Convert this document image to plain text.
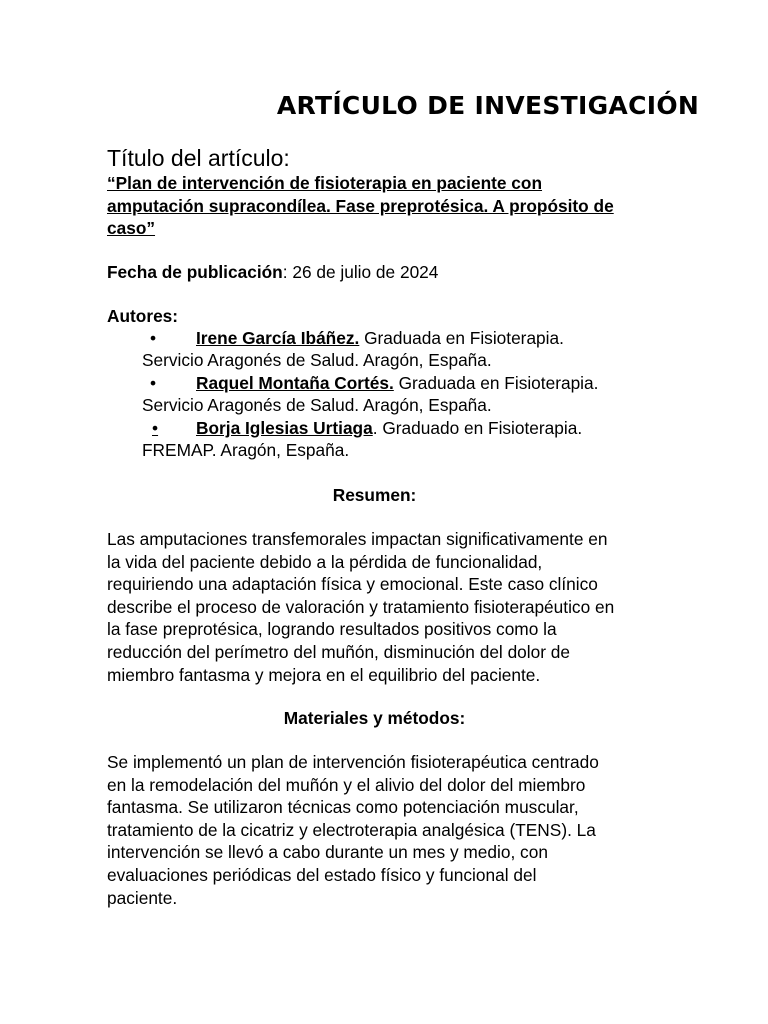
ARTÍCULO DE INVESTIGACIÓN
Título del artículo:
“Plan de intervención de fisioterapia en paciente con
amputación supracondílea. Fase preprotésica. A propósito de
caso”
Fecha de publicación: 26 de julio de 2024
Autores:
• Irene García Ibáñez. Graduada en Fisioterapia.
Servicio Aragonés de Salud. Aragón, España.
• Raquel Montaña Cortés. Graduada en Fisioterapia.
Servicio Aragonés de Salud. Aragón, España.
• Borja Iglesias Urtiaga. Graduado en Fisioterapia.
FREMAP. Aragón, España.
Resumen:
Las amputaciones transfemorales impactan significativamente en
la vida del paciente debido a la pérdida de funcionalidad,
requiriendo una adaptación física y emocional. Este caso clínico
describe el proceso de valoración y tratamiento fisioterapéutico en
la fase preprotésica, logrando resultados positivos como la
reducción del perímetro del muñón, disminución del dolor de
miembro fantasma y mejora en el equilibrio del paciente.
Materiales y métodos:
Se implementó un plan de intervención fisioterapéutica centrado
en la remodelación del muñón y el alivio del dolor del miembro
fantasma. Se utilizaron técnicas como potenciación muscular,
tratamiento de la cicatriz y electroterapia analgésica (TENS). La
intervención se llevó a cabo durante un mes y medio, con
evaluaciones periódicas del estado físico y funcional del
paciente.
